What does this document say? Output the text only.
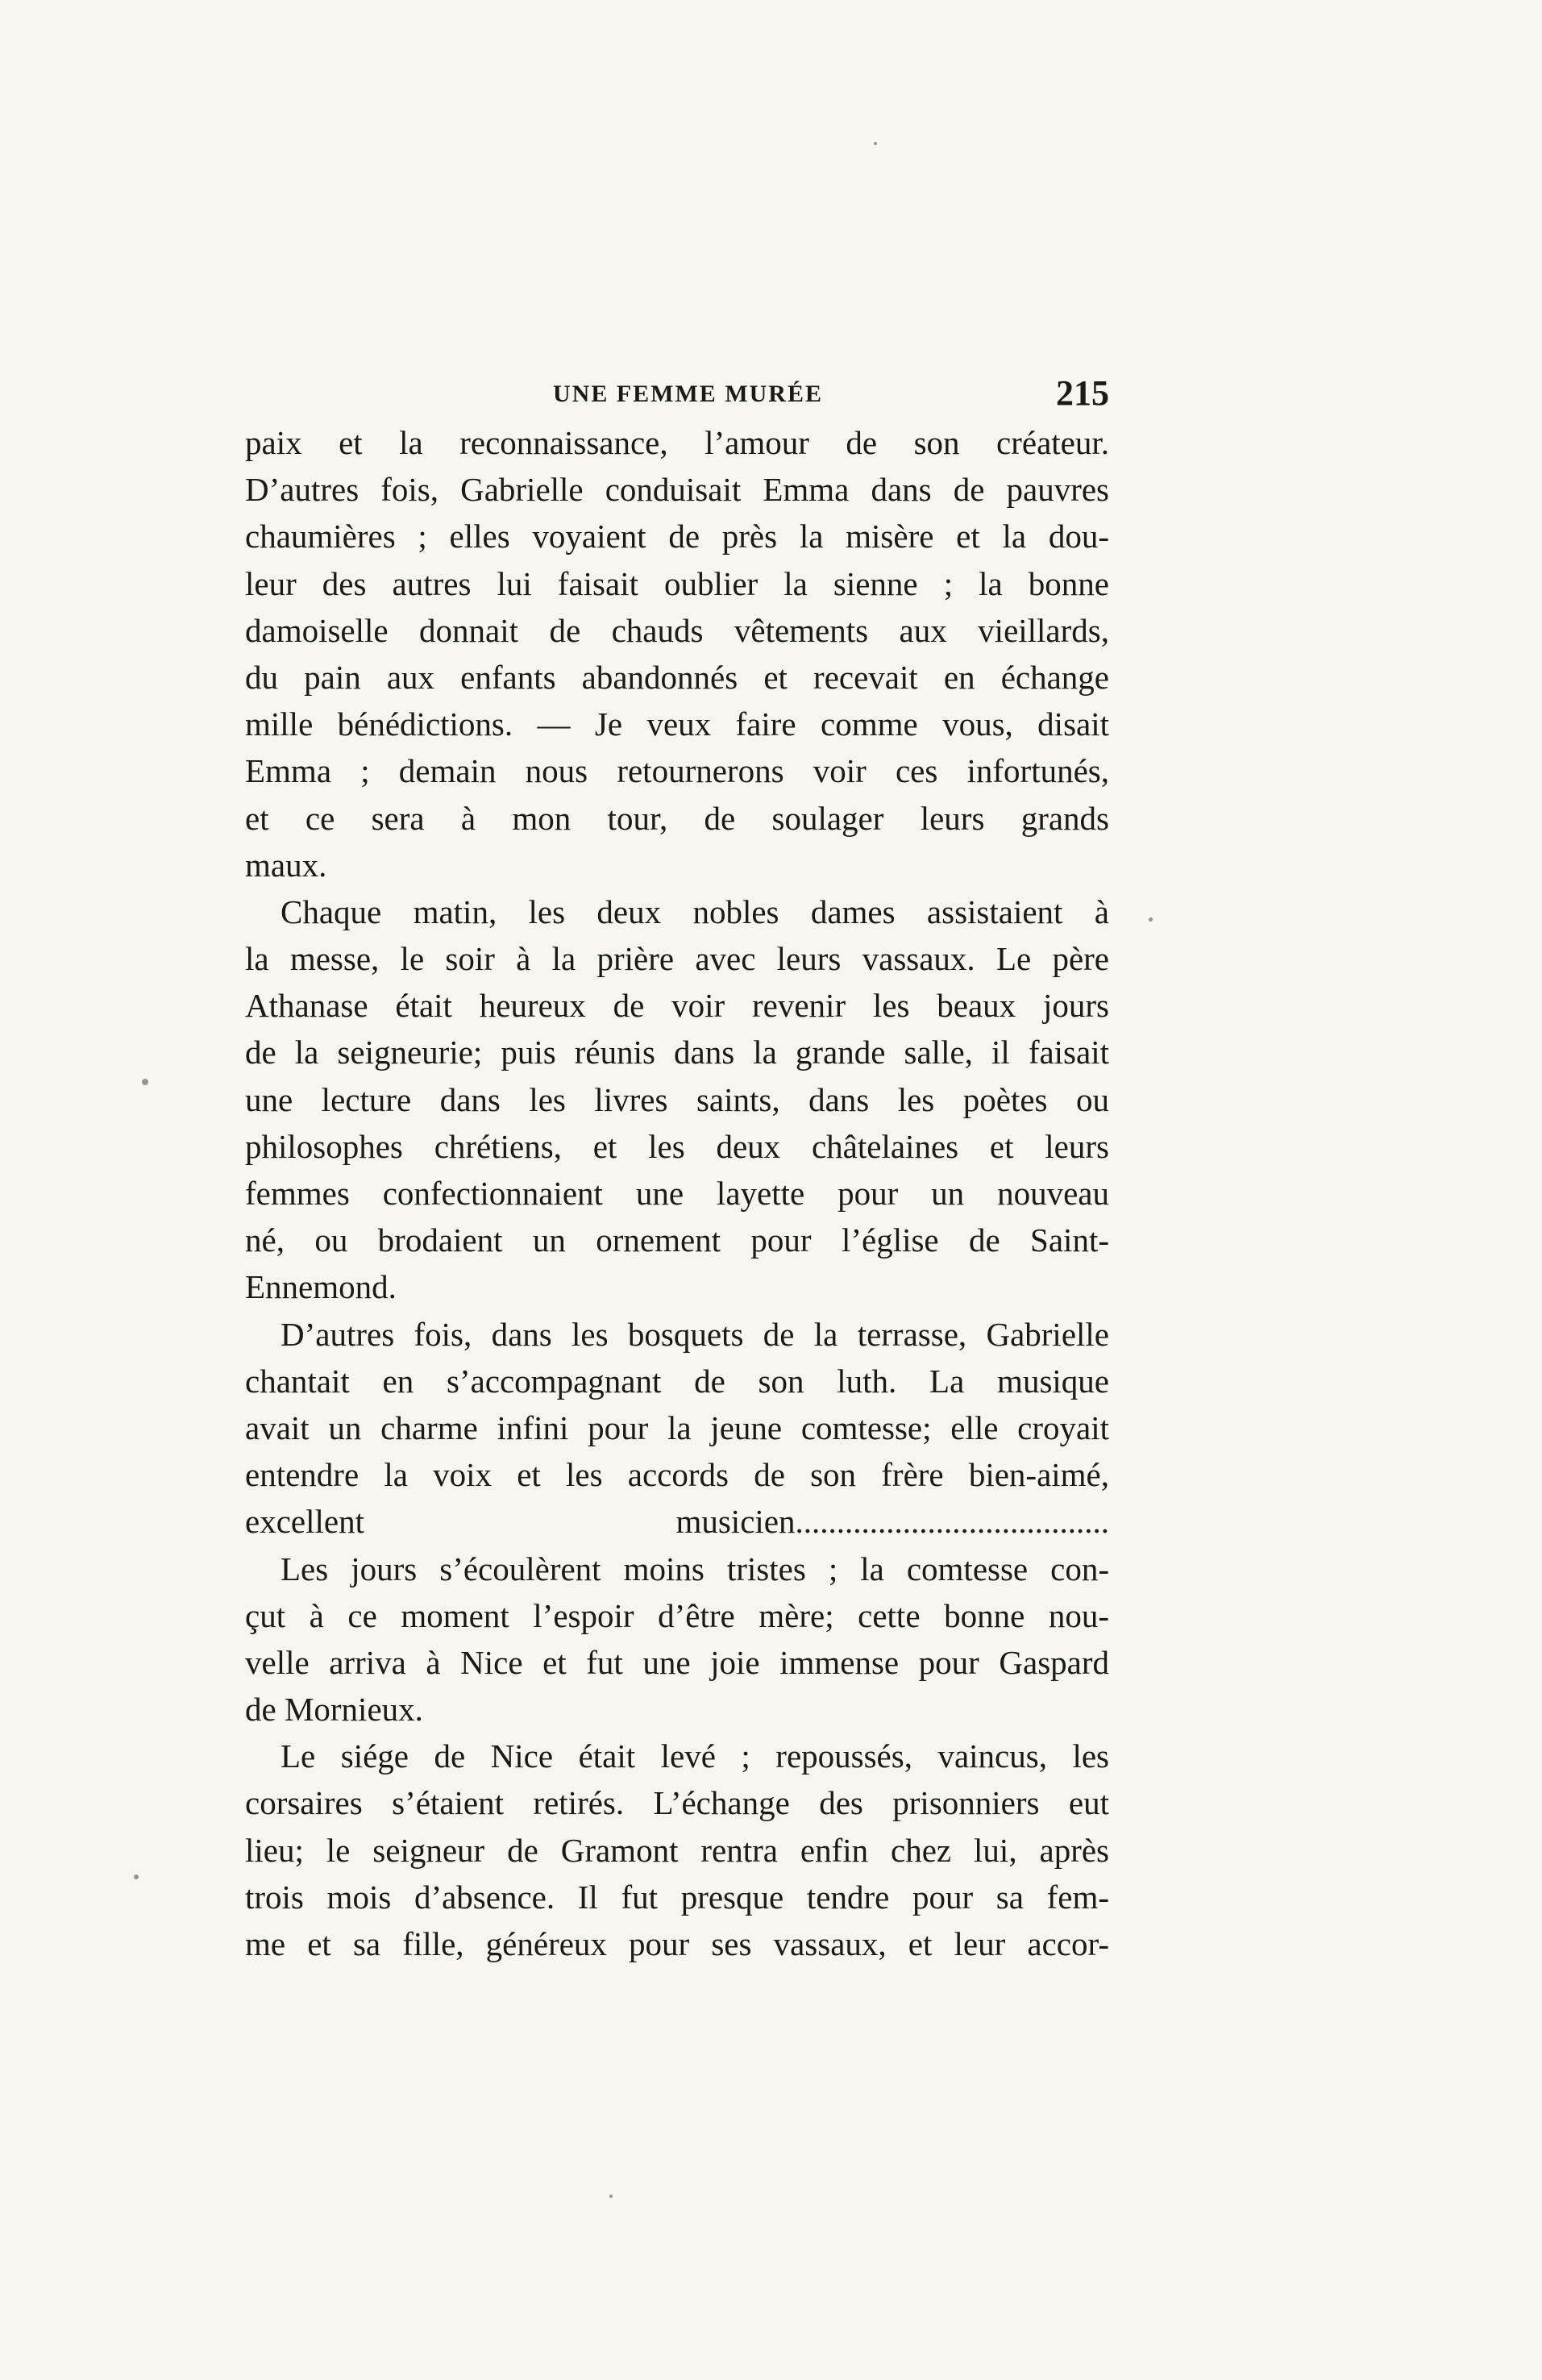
UNE FEMME MURÉE	215
paix et la reconnaissance, l’amour de son créateur.
D’autres fois, Gabrielle conduisait Emma dans de pauvres
chaumières ; elles voyaient de près la misère et la dou-
leur des autres lui faisait oublier la sienne ; la bonne
damoiselle donnait de chauds vêtements aux vieillards,
du pain aux enfants abandonnés et recevait en échange
mille bénédictions. — Je veux faire comme vous, disait
Emma ; demain nous retournerons voir ces infortunés,
et ce sera à mon tour, de soulager leurs grands
maux.
Chaque matin, les deux nobles dames assistaient à
la messe, le soir à la prière avec leurs vassaux. Le père
Athanase était heureux de voir revenir les beaux jours
de la seigneurie; puis réunis dans la grande salle, il faisait
une lecture dans les livres saints, dans les poètes ou
philosophes chrétiens, et les deux châtelaines et leurs
femmes confectionnaient une layette pour un nouveau
né, ou brodaient un ornement pour l’église de Saint-
Ennemond.
D’autres fois, dans les bosquets de la terrasse, Gabrielle
chantait en s’accompagnant de son luth. La musique
avait un charme infini pour la jeune comtesse; elle croyait
entendre la voix et les accords de son frère bien-aimé,
excellent musicien......................................
Les jours s’écoulèrent moins tristes ; la comtesse con-
çut à ce moment l’espoir d’être mère; cette bonne nou-
velle arriva à Nice et fut une joie immense pour Gaspard
de Mornieux.
Le siége de Nice était levé ; repoussés, vaincus, les
corsaires s’étaient retirés. L’échange des prisonniers eut
lieu; le seigneur de Gramont rentra enfin chez lui, après
trois mois d’absence. Il fut presque tendre pour sa fem-
me et sa fille, généreux pour ses vassaux, et leur accor-
